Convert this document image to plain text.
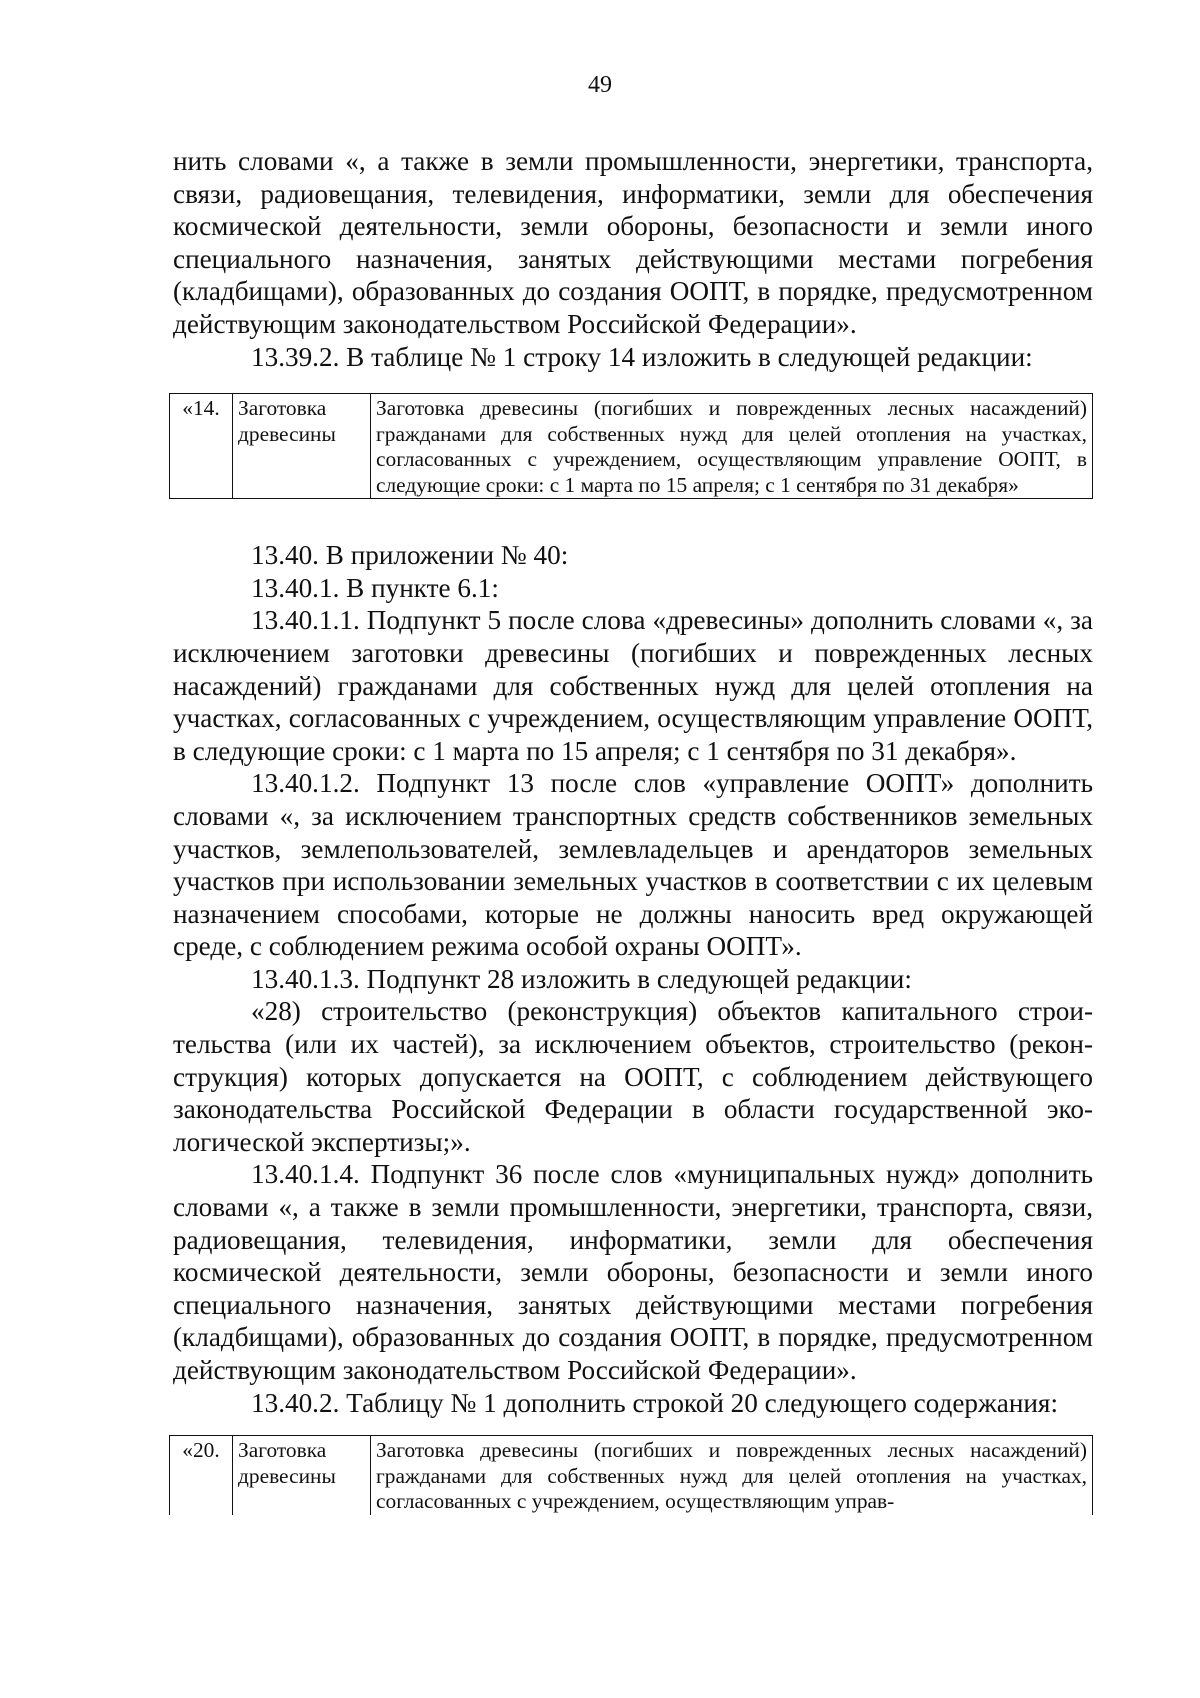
49

нить словами «, а также в земли промышленности, энергетики, транспорта, связи, радиовещания, телевидения, информатики, земли для обеспечения космической деятельности, земли обороны, безопасности и земли иного специального назначения, занятых действующими местами погребения (кладбищами), образованных до создания ООПТ, в порядке, предусмотренном действующим законодательством Российской Федерации».

13.39.2. В таблице № 1 строку 14 изложить в следующей редакции:

«14.	Заготовка древесины	Заготовка древесины (погибших и поврежденных лесных насаждений) гражданами для собственных нужд для целей отопления на участках, согласованных с учреждением, осуществляющим управление ООПТ, в следующие сроки: с 1 марта по 15 апреля; с 1 сентября по 31 декабря»

13.40. В приложении № 40:

13.40.1. В пункте 6.1:

13.40.1.1. Подпункт 5 после слова «древесины» дополнить словами «, за исключением заготовки древесины (погибших и поврежденных лесных насаждений) гражданами для собственных нужд для целей отопления на участках, согласованных с учреждением, осуществляющим управление ООПТ, в следующие сроки: с 1 марта по 15 апреля; с 1 сентября по 31 декабря».

13.40.1.2. Подпункт 13 после слов «управление ООПТ» дополнить словами «, за исключением транспортных средств собственников земельных участков, землепользователей, землевладельцев и арендаторов земельных участков при использовании земельных участков в соответствии с их целевым назначением способами, которые не должны наносить вред окружающей среде, с соблюдением режима особой охраны ООПТ».

13.40.1.3. Подпункт 28 изложить в следующей редакции:

«28) строительство (реконструкция) объектов капитального строительства (или их частей), за исключением объектов, строительство (реконструкция) которых допускается на ООПТ, с соблюдением действующего законодательства Российской Федерации в области государственной экологической экспертизы;».

13.40.1.4. Подпункт 36 после слов «муниципальных нужд» дополнить словами «, а также в земли промышленности, энергетики, транспорта, связи, радиовещания, телевидения, информатики, земли для обеспечения космической деятельности, земли обороны, безопасности и земли иного специального назначения, занятых действующими местами погребения (кладбищами), образованных до создания ООПТ, в порядке, предусмотренном действующим законодательством Российской Федерации».

13.40.2. Таблицу № 1 дополнить строкой 20 следующего содержания:

«20.	Заготовка древесины	Заготовка древесины (погибших и поврежденных лесных насаждений) гражданами для собственных нужд для целей отопления на участках, согласованных с учреждением, осуществляющим управ-
